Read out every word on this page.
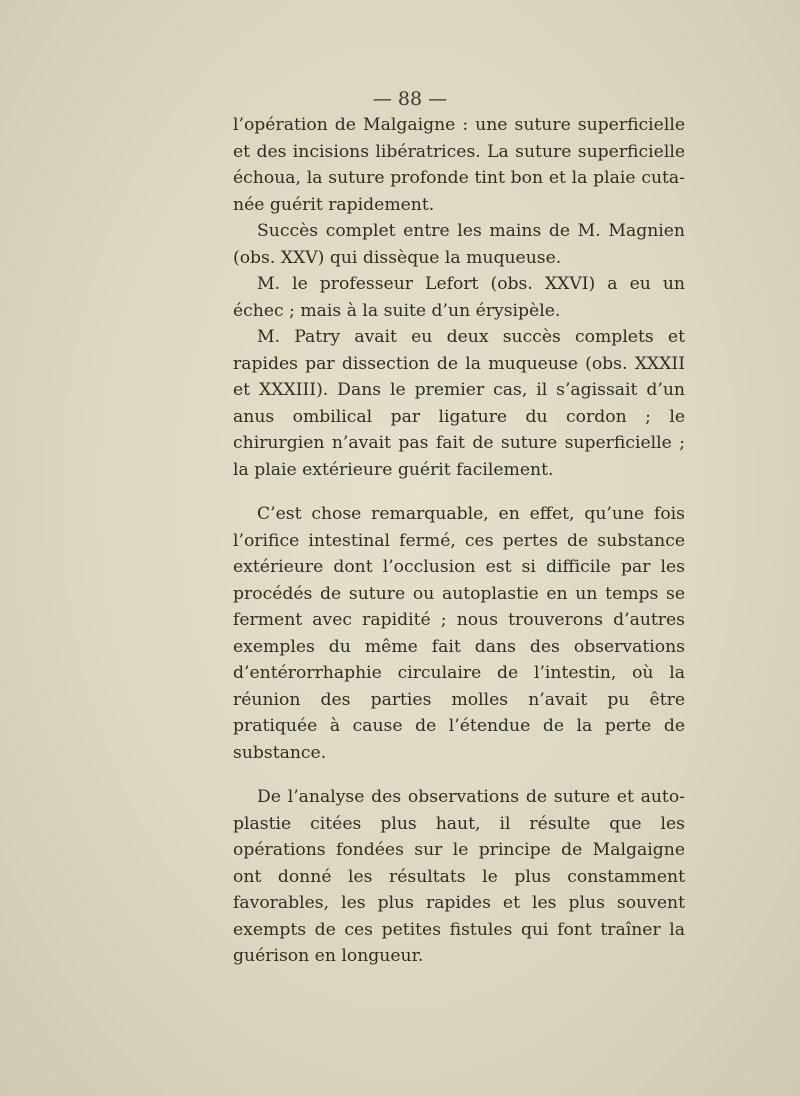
— 88 —

l’opération de Malgaigne : une suture superficielle et des incisions libératrices. La suture superficielle échoua, la suture profonde tint bon et la plaie cutanée guérit rapidement.

Succès complet entre les mains de M. Magnien (obs. XXV) qui dissèque la muqueuse.

M. le professeur Lefort (obs. XXVI) a eu un échec ; mais à la suite d’un érysipèle.

M. Patry avait eu deux succès complets et rapides par dissection de la muqueuse (obs. XXXII et XXXIII). Dans le premier cas, il s’agissait d’un anus ombilical par ligature du cordon ; le chirurgien n’avait pas fait de suture superficielle ; la plaie extérieure guérit facilement.

C’est chose remarquable, en effet, qu’une fois l’orifice intestinal fermé, ces pertes de substance extérieure dont l’occlusion est si difficile par les procédés de suture ou autoplastie en un temps se ferment avec rapidité ; nous trouverons d’autres exemples du même fait dans des observations d’entérorrhaphie circulaire de l’intestin, où la réunion des parties molles n’avait pu être pratiquée à cause de l’étendue de la perte de substance.

De l’analyse des observations de suture et autoplastie citées plus haut, il résulte que les opérations fondées sur le principe de Malgaigne ont donné les résultats le plus constamment favorables, les plus rapides et les plus souvent exempts de ces petites fistules qui font traîner la guérison en longueur.
